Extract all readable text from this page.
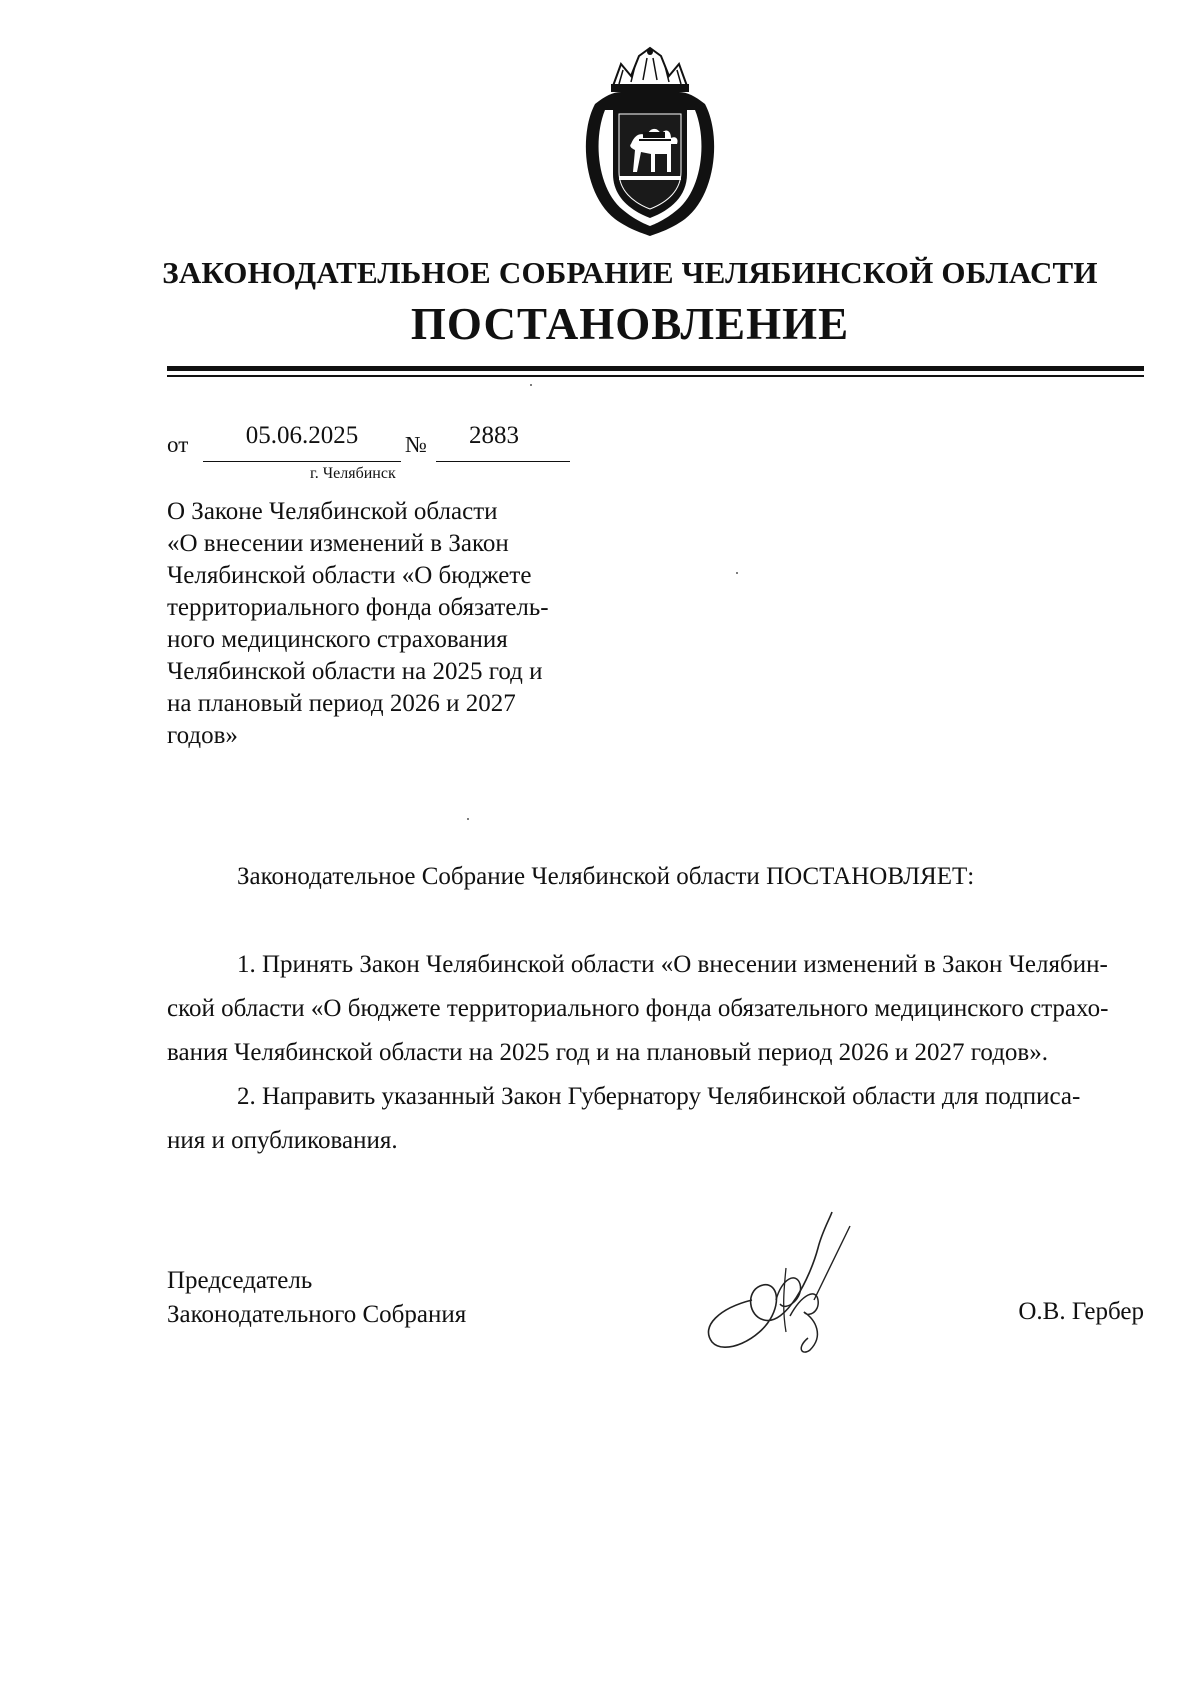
ЗАКОНОДАТЕЛЬНОЕ СОБРАНИЕ ЧЕЛЯБИНСКОЙ ОБЛАСТИ
ПОСТАНОВЛЕНИЕ
от	05.06.2025	№	2883
г. Челябинск
О Законе Челябинской области
«О внесении изменений в Закон
Челябинской области «О бюджете
территориального фонда обязатель-
ного медицинского страхования
Челябинской области на 2025 год и
на плановый период 2026 и 2027
годов»
Законодательное Собрание Челябинской области ПОСТАНОВЛЯЕТ:

1. Принять Закон Челябинской области «О внесении изменений в Закон Челябин-
ской области «О бюджете территориального фонда обязательного медицинского страхо-
вания Челябинской области на 2025 год и на плановый период 2026 и 2027 годов».

2. Направить указанный Закон Губернатору Челябинской области для подписа-
ния и опубликования.

Председатель
Законодательного Собрания	О.В. Гербер
